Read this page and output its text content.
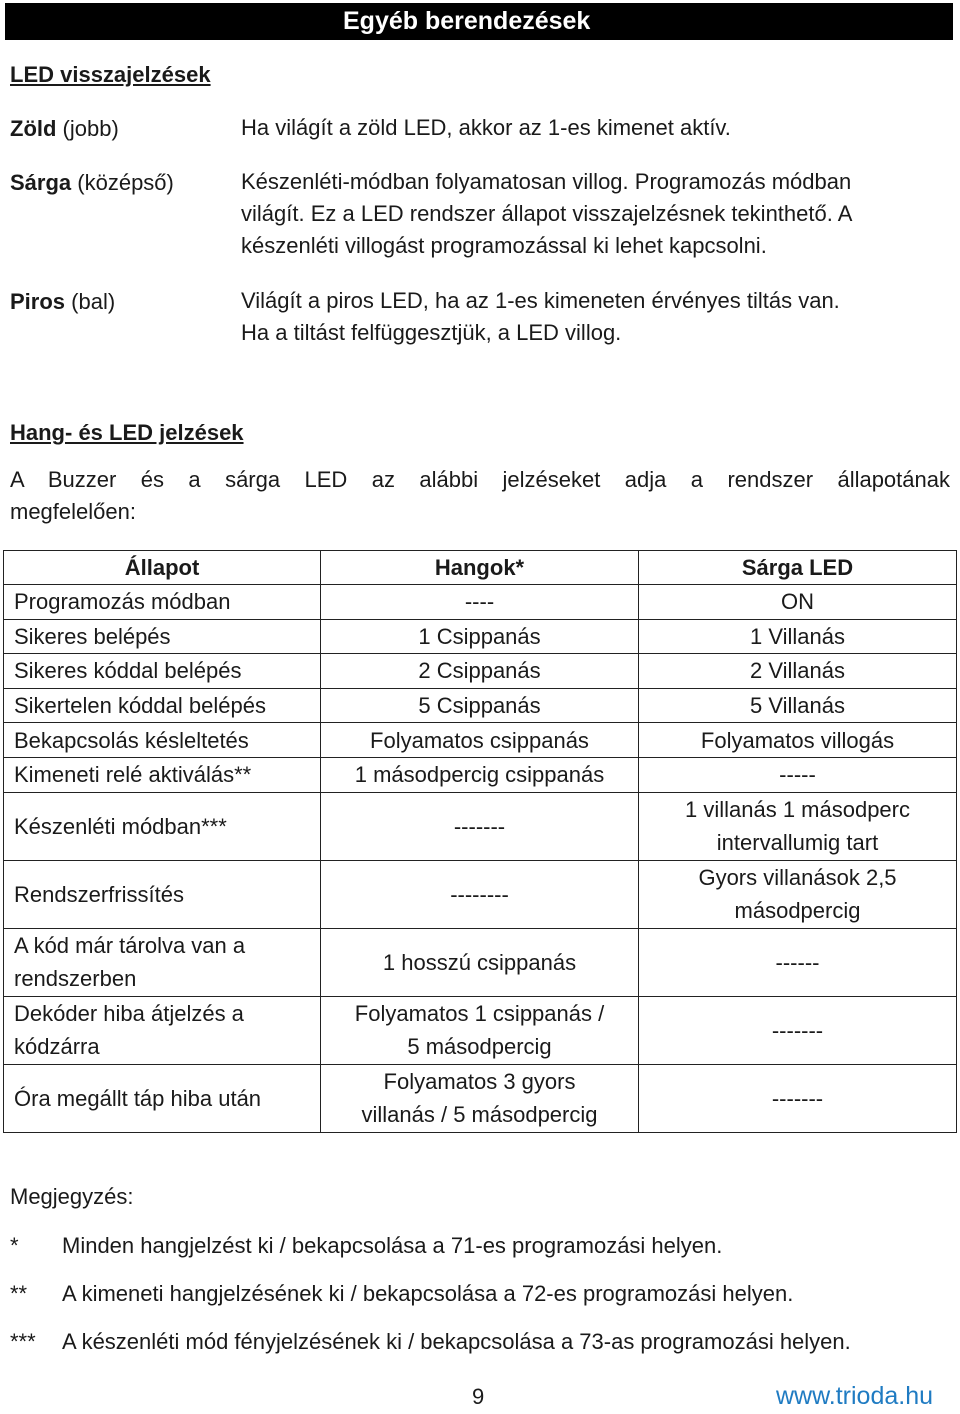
Egyéb berendezések
LED visszajelzések
Zöld (jobb)	Ha világít a zöld LED, akkor az 1-es kimenet aktív.
Sárga (középső)	Készenléti-módban folyamatosan villog. Programozás módban
világít. Ez a LED rendszer állapot visszajelzésnek tekinthető. A
készenléti villogást programozással ki lehet kapcsolni.
Piros (bal)	Világít a piros LED, ha az 1-es kimeneten érvényes tiltás van.
Ha a tiltást felfüggesztjük, a LED villog.
Hang- és LED jelzések
A Buzzer és a sárga LED az alábbi jelzéseket adja a rendszer állapotának
megfelelően:
Állapot	Hangok*	Sárga LED
Programozás módban	----	ON
Sikeres belépés	1 Csippanás	1 Villanás
Sikeres kóddal belépés	2 Csippanás	2 Villanás
Sikertelen kóddal belépés	5 Csippanás	5 Villanás
Bekapcsolás késleltetés	Folyamatos csippanás	Folyamatos villogás
Kimeneti relé aktiválás**	1 másodpercig csippanás	-----
Készenléti módban***	-------	1 villanás 1 másodperc
intervallumig tart
Rendszerfrissítés	--------	Gyors villanások 2,5
másodpercig
A kód már tárolva van a
rendszerben	1 hosszú csippanás	------
Dekóder hiba átjelzés a
kódzárra	Folyamatos 1 csippanás /
5 másodpercig	-------
Óra megállt táp hiba után	Folyamatos 3 gyors
villanás / 5 másodpercig	-------
Megjegyzés:
* Minden hangjelzést ki / bekapcsolása a 71-es programozási helyen.
** A kimeneti hangjelzésének ki / bekapcsolása a 72-es programozási helyen.
*** A készenléti mód fényjelzésének ki / bekapcsolása a 73-as programozási helyen.
9	www.trioda.hu
